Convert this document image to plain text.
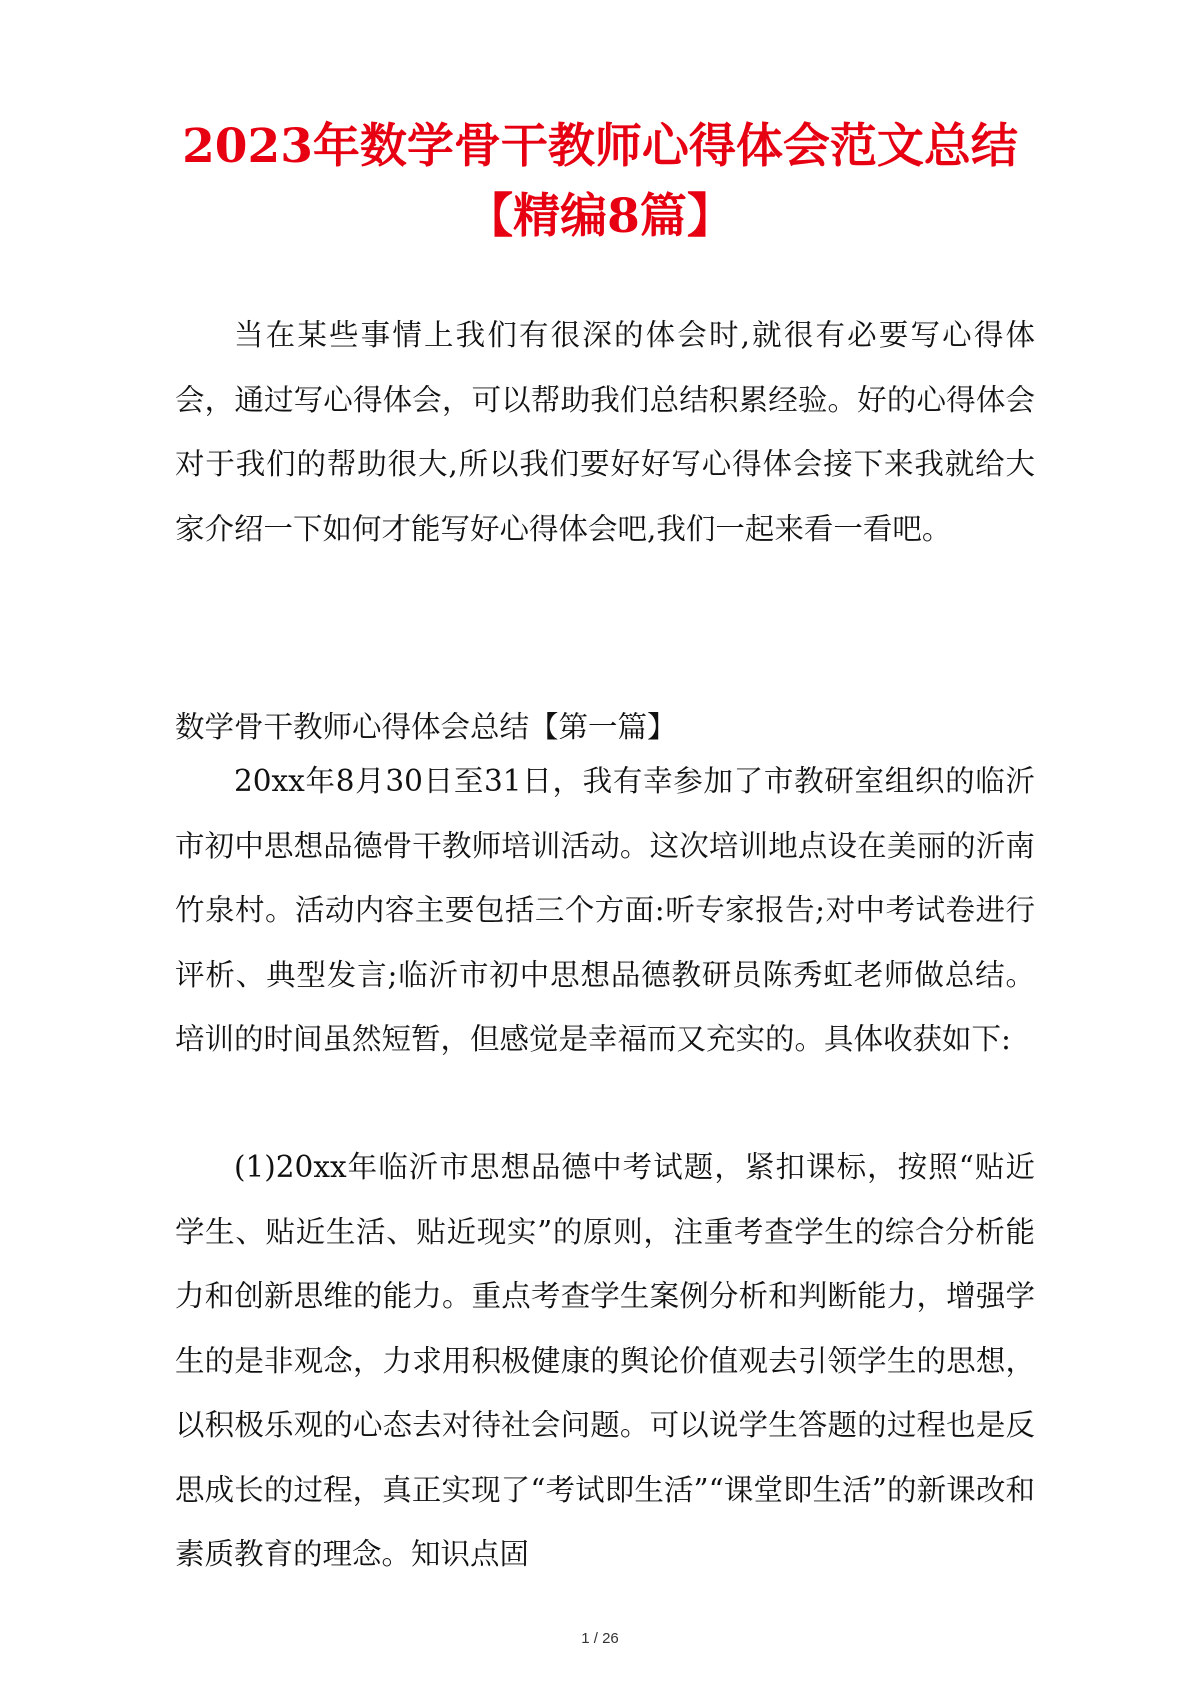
2023年数学骨干教师心得体会范文总结
【精编8篇】

当在某些事情上我们有很深的体会时,就很有必要写心得体会，通过写心得体会，可以帮助我们总结积累经验。好的心得体会对于我们的帮助很大,所以我们要好好写心得体会接下来我就给大家介绍一下如何才能写好心得体会吧,我们一起来看一看吧。

数学骨干教师心得体会总结【第一篇】

20xx年8月30日至31日，我有幸参加了市教研室组织的临沂市初中思想品德骨干教师培训活动。这次培训地点设在美丽的沂南竹泉村。活动内容主要包括三个方面:听专家报告;对中考试卷进行评析、典型发言;临沂市初中思想品德教研员陈秀虹老师做总结。培训的时间虽然短暂，但感觉是幸福而又充实的。具体收获如下:

(1)20xx年临沂市思想品德中考试题，紧扣课标，按照“贴近学生、贴近生活、贴近现实”的原则，注重考查学生的综合分析能力和创新思维的能力。重点考查学生案例分析和判断能力，增强学生的是非观念，力求用积极健康的舆论价值观去引领学生的思想，以积极乐观的心态去对待社会问题。可以说学生答题的过程也是反思成长的过程，真正实现了“考试即生活”“课堂即生活”的新课改和素质教育的理念。知识点固

1 / 26
